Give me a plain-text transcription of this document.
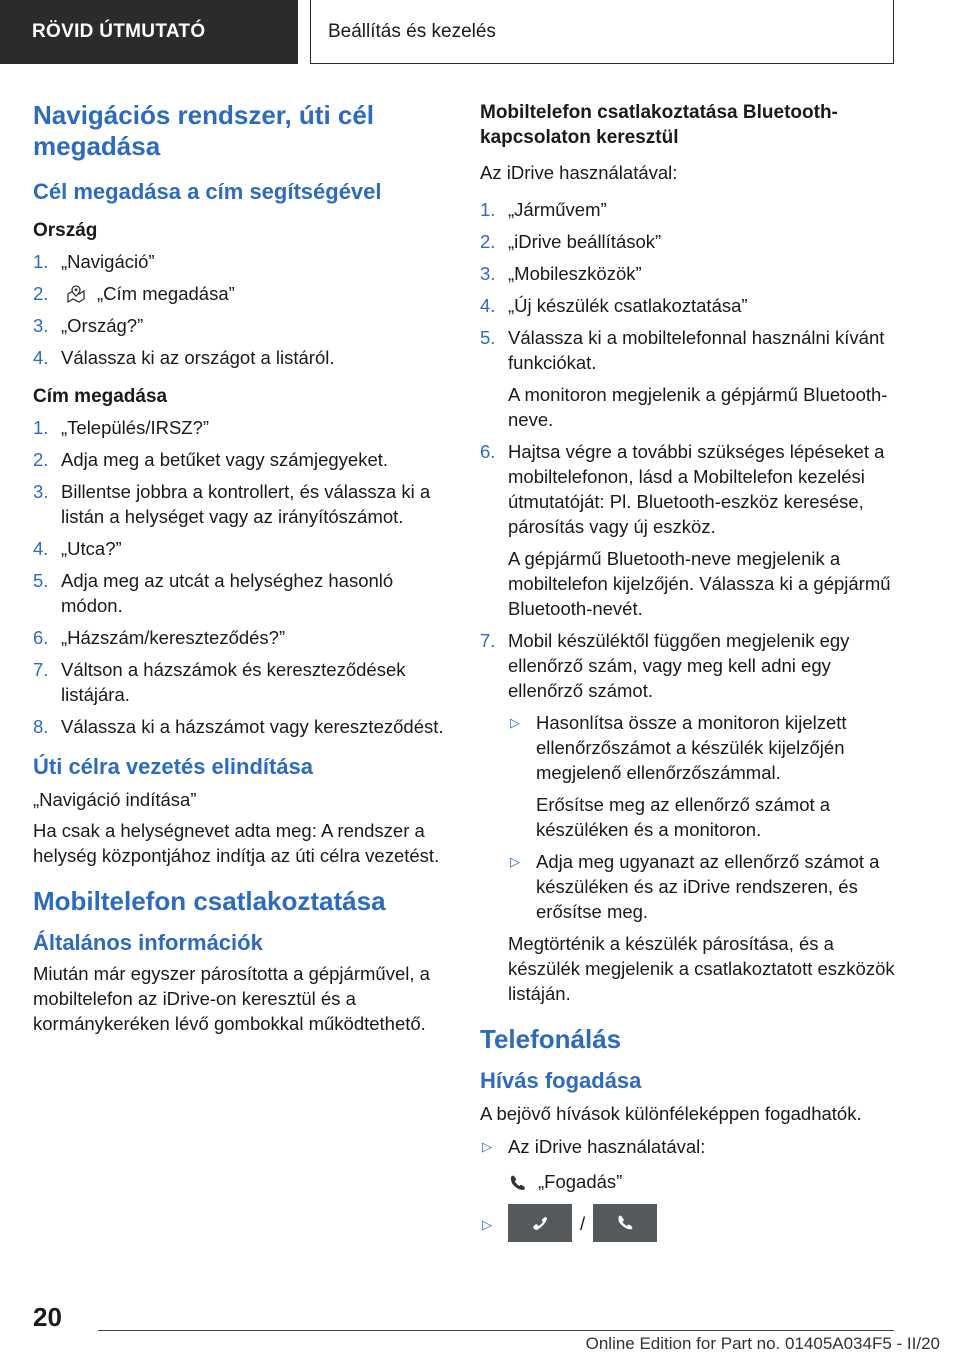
RÖVID ÚTMUTATÓ	Beállítás és kezelés
Navigációs rendszer, úti cél megadása
Cél megadása a cím segítségével
Ország
1. „Navigáció”
2.	„Cím megadása”
3. „Ország?”
4. Válassza ki az országot a listáról.
Cím megadása
1. „Település/IRSZ?”
2. Adja meg a betűket vagy számjegyeket.
3. Billentse jobbra a kontrollert, és válassza ki a listán a helységet vagy az irányítószámot.
4. „Utca?”
5. Adja meg az utcát a helységhez hasonló módon.
6. „Házszám/kereszteződés?”
7. Váltson a házszámok és kereszteződések listájára.
8. Válassza ki a házszámot vagy kereszteződést.
Úti célra vezetés elindítása

„Navigáció indítása”

Ha csak a helységnevet adta meg: A rendszer a helység központjához indítja az úti célra vezetést.

Mobiltelefon csatlakoztatása
Általános információk

Miután már egyszer párosította a gépjárművel, a mobiltelefon az iDrive-on keresztül és a kormánykeréken lévő gombokkal működtethető.

Mobiltelefon csatlakoztatása Bluetooth-kapcsolaton keresztül

Az iDrive használatával:

1. „Járművem”
2. „iDrive beállítások”
3. „Mobileszközök”
4. „Új készülék csatlakoztatása”
5. Válassza ki a mobiltelefonnal használni kívánt funkciókat.
A monitoron megjelenik a gépjármű Bluetooth-neve.
6. Hajtsa végre a további szükséges lépéseket a mobiltelefonon, lásd a Mobiltelefon kezelési útmutatóját: Pl. Bluetooth-eszköz keresése, párosítás vagy új eszköz.
A gépjármű Bluetooth-neve megjelenik a mobiltelefon kijelzőjén. Válassza ki a gépjármű Bluetooth-nevét.
7. Mobil készüléktől függően megjelenik egy ellenőrző szám, vagy meg kell adni egy ellenőrző számot.
▷ Hasonlítsa össze a monitoron kijelzett ellenőrzőszámot a készülék kijelzőjén megjelenő ellenőrzőszámmal.
Erősítse meg az ellenőrző számot a készüléken és a monitoron.
▷ Adja meg ugyanazt az ellenőrző számot a készüléken és az iDrive rendszeren, és erősítse meg.

Megtörténik a készülék párosítása, és a készülék megjelenik a csatlakoztatott eszközök listáján.

Telefonálás
Hívás fogadása

A bejövő hívások különféleképpen fogadhatók.

▷ Az iDrive használatával:
„Fogadás”
▷	/
20
Online Edition for Part no. 01405A034F5 - II/20
